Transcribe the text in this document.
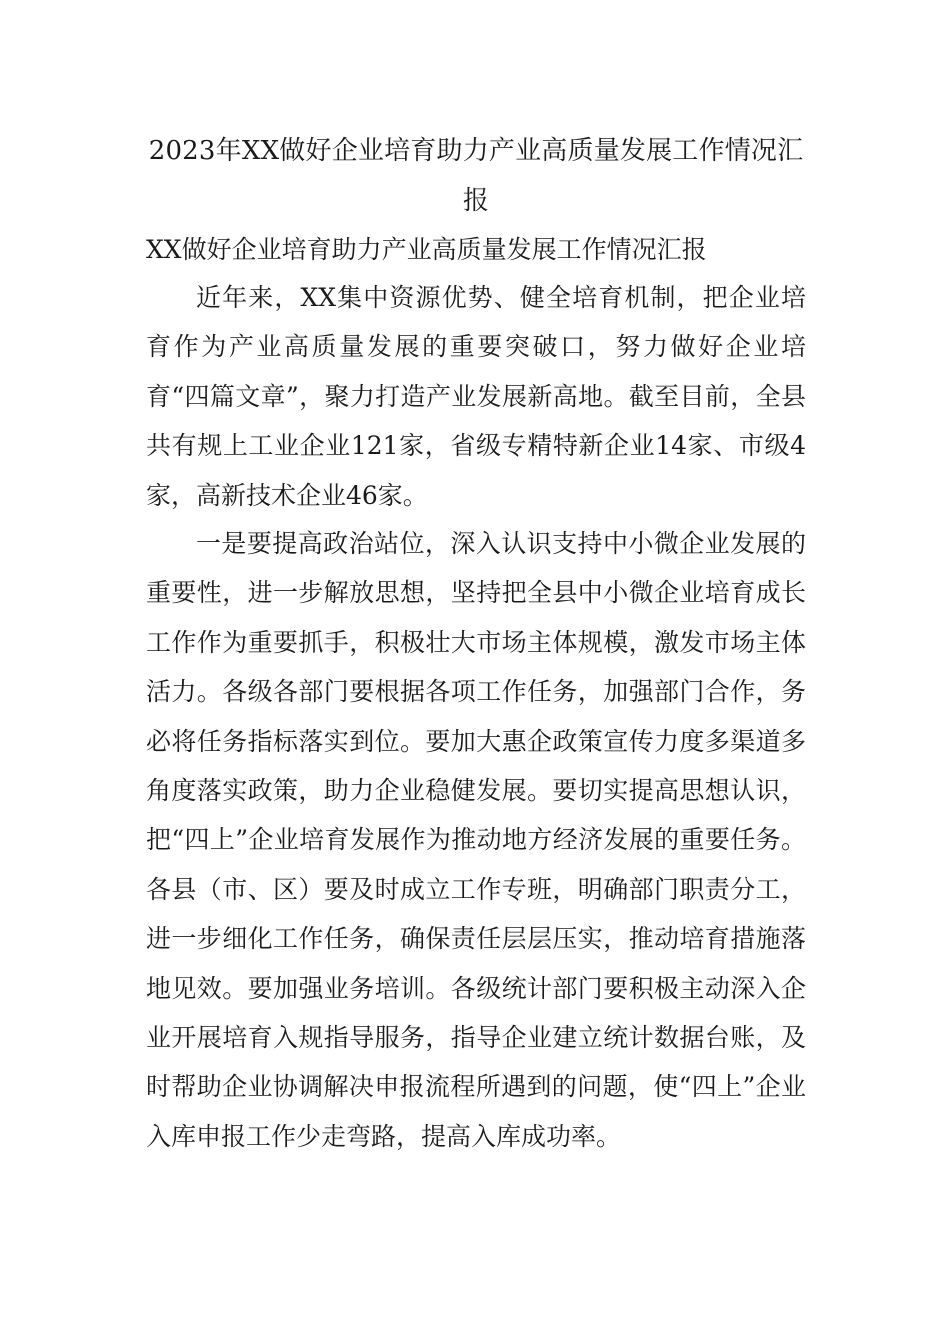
2023年XX做好企业培育助力产业高质量发展工作情况汇报
XX做好企业培育助力产业高质量发展工作情况汇报

近年来，XX集中资源优势、健全培育机制，把企业培育作为产业高质量发展的重要突破口，努力做好企业培育“四篇文章”，聚力打造产业发展新高地。截至目前，全县共有规上工业企业121家，省级专精特新企业14家、市级4家，高新技术企业46家。

一是要提高政治站位，深入认识支持中小微企业发展的重要性，进一步解放思想，坚持把全县中小微企业培育成长工作作为重要抓手，积极壮大市场主体规模，激发市场主体活力。各级各部门要根据各项工作任务，加强部门合作，务必将任务指标落实到位。要加大惠企政策宣传力度多渠道多角度落实政策，助力企业稳健发展。要切实提高思想认识，把“四上”企业培育发展作为推动地方经济发展的重要任务。各县（市、区）要及时成立工作专班，明确部门职责分工，进一步细化工作任务，确保责任层层压实，推动培育措施落地见效。要加强业务培训。各级统计部门要积极主动深入企业开展培育入规指导服务，指导企业建立统计数据台账，及时帮助企业协调解决申报流程所遇到的问题，使“四上”企业入库申报工作少走弯路，提高入库成功率。
